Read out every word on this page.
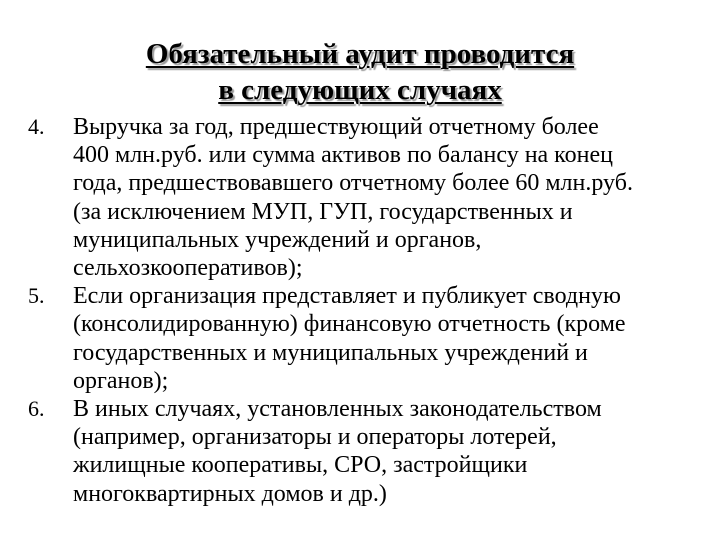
Обязательный аудит проводится
в следующих случаях
4.	Выручка за год, предшествующий отчетному более
400 млн.руб. или сумма активов по балансу на конец
года, предшествовавшего отчетному более 60 млн.руб.
(за исключением МУП, ГУП, государственных и
муниципальных учреждений и органов,
сельхозкооперативов);
5.	Если организация представляет и публикует сводную
(консолидированную) финансовую отчетность (кроме
государственных и муниципальных учреждений и
органов);
6.	В иных случаях, установленных законодательством
(например, организаторы и операторы лотерей,
жилищные кооперативы, СРО, застройщики
многоквартирных домов и др.)
